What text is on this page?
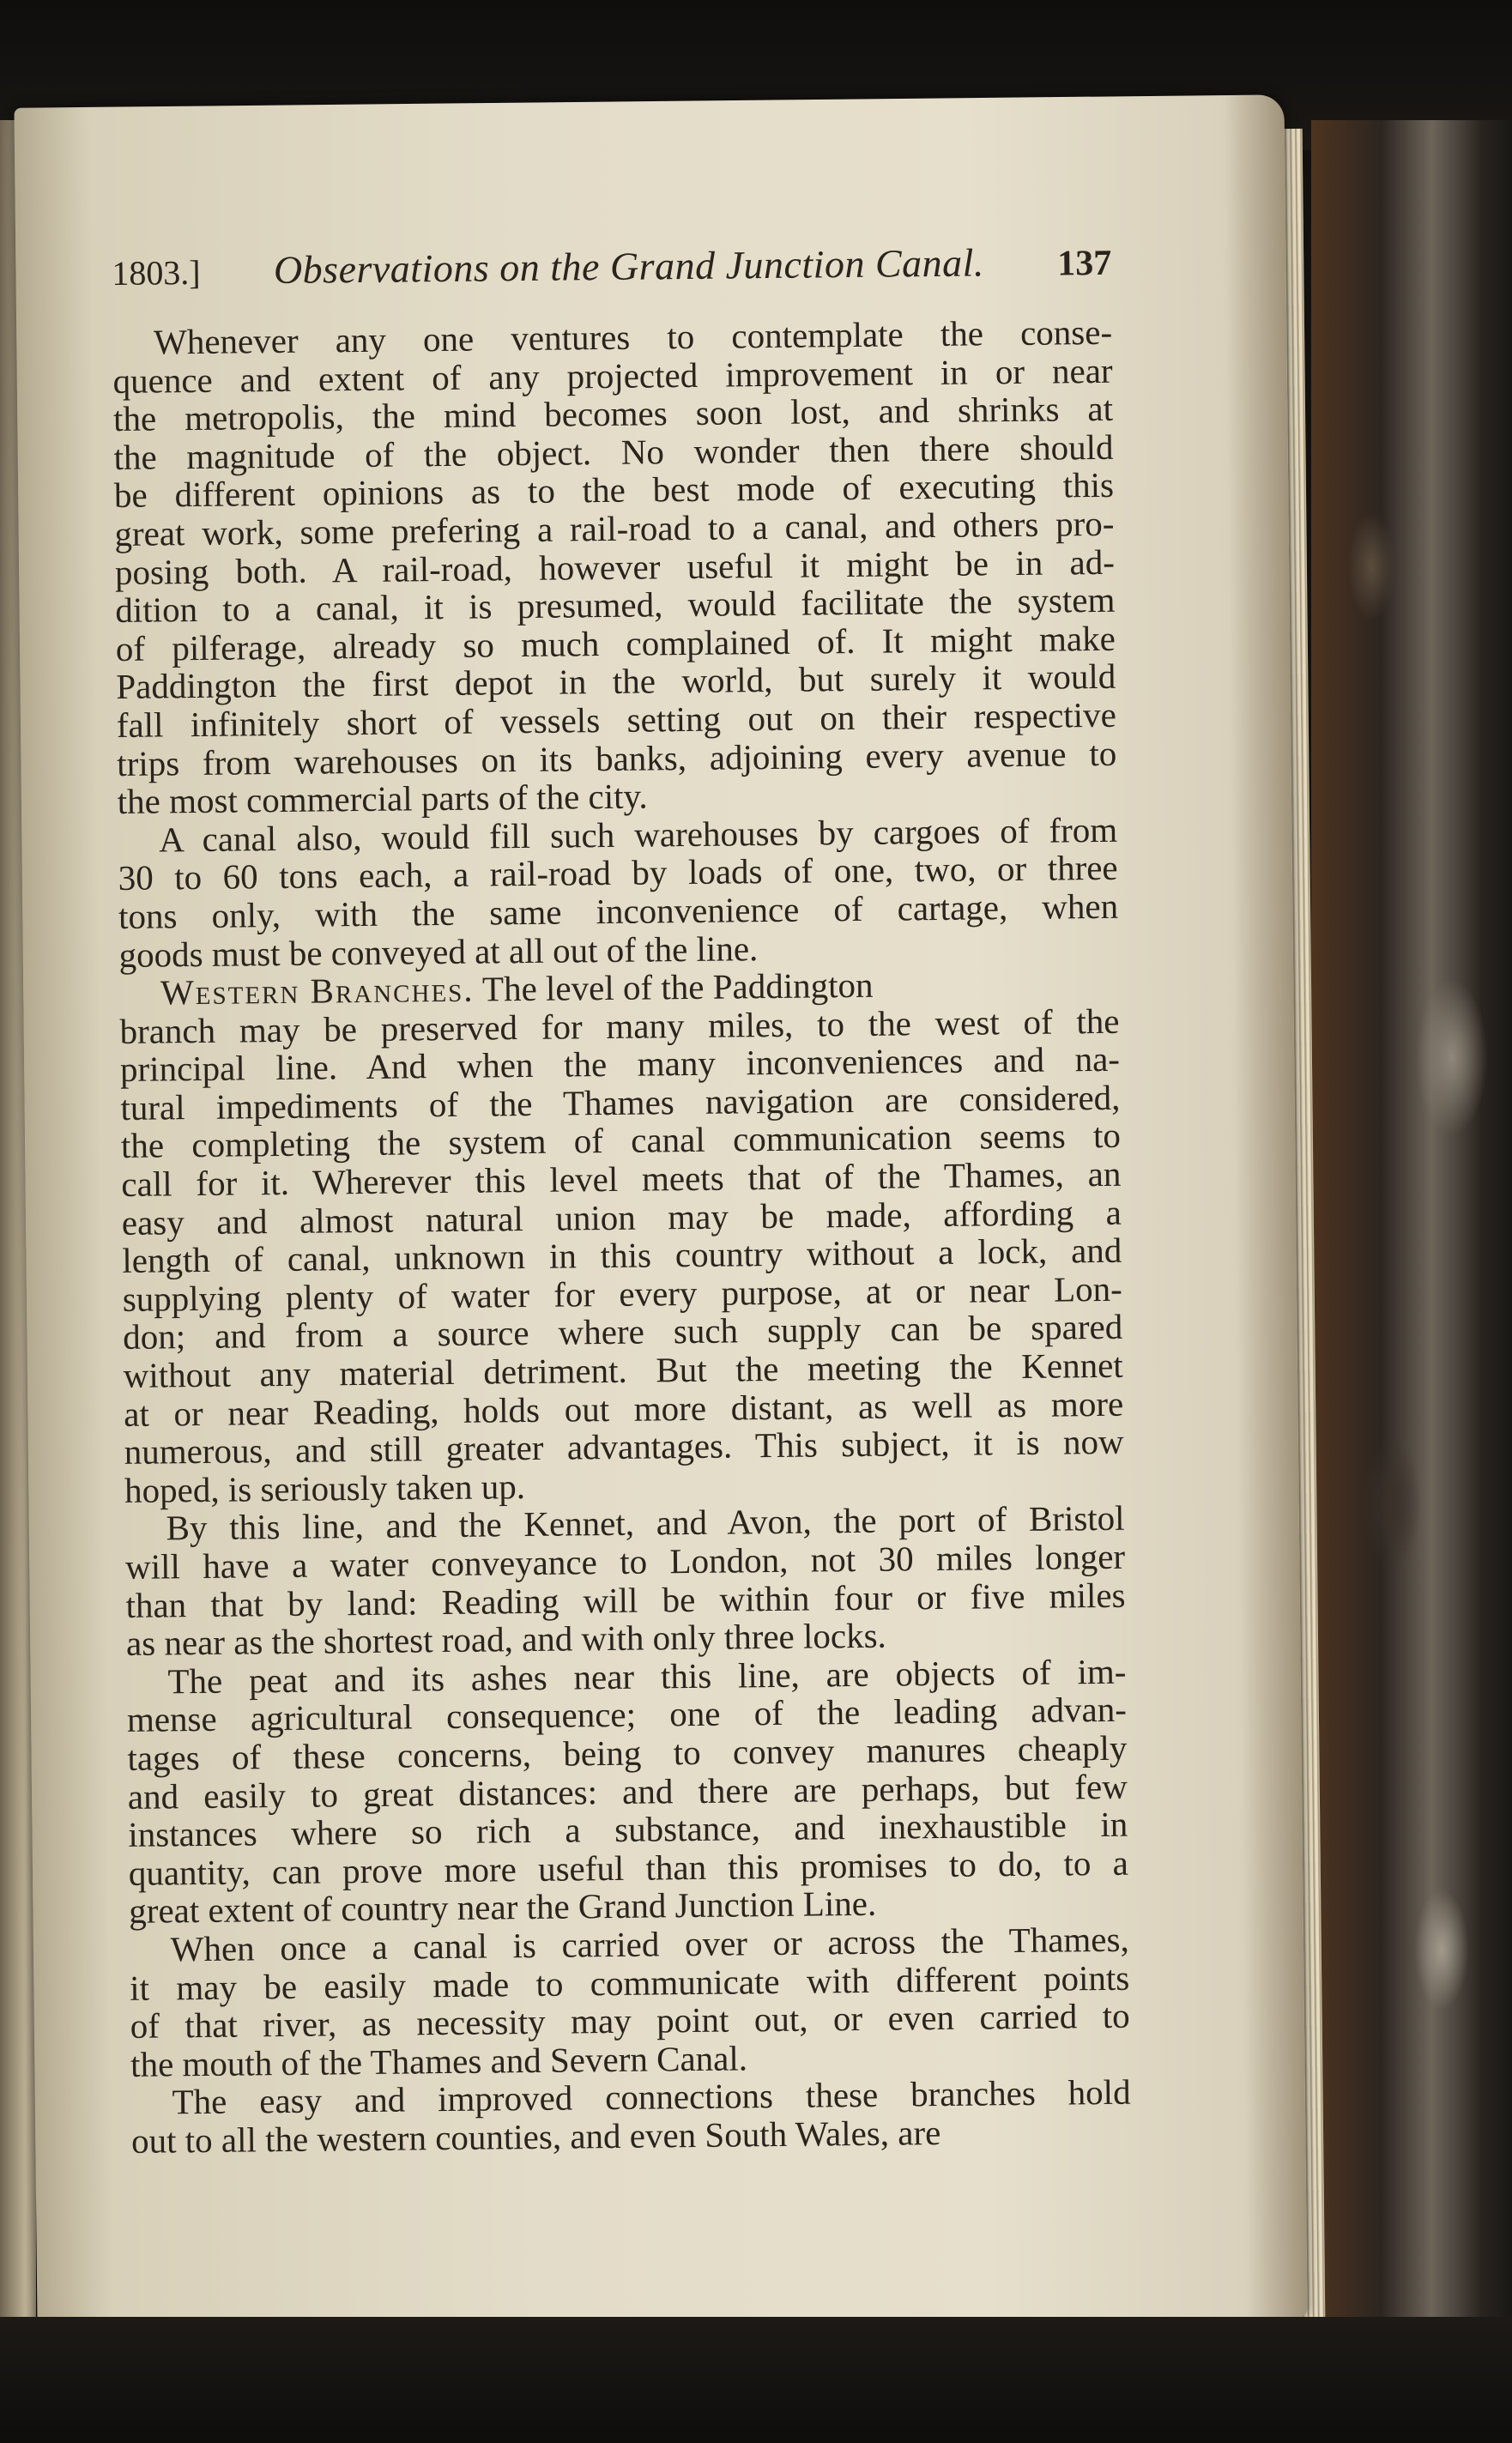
1803.] Observations on the Grand Junction Canal. 137
Whenever any one ventures to contemplate the conse-
quence and extent of any projected improvement in or near
the metropolis, the mind becomes soon lost, and shrinks at
the magnitude of the object. No wonder then there should
be different opinions as to the best mode of executing this
great work, some prefering a rail-road to a canal, and others pro-
posing both. A rail-road, however useful it might be in ad-
dition to a canal, it is presumed, would facilitate the system
of pilferage, already so much complained of. It might make
Paddington the first depot in the world, but surely it would
fall infinitely short of vessels setting out on their respective
trips from warehouses on its banks, adjoining every avenue to
the most commercial parts of the city.
A canal also, would fill such warehouses by cargoes of from
30 to 60 tons each, a rail-road by loads of one, two, or three
tons only, with the same inconvenience of cartage, when
goods must be conveyed at all out of the line.
Western Branches. The level of the Paddington
branch may be preserved for many miles, to the west of the
principal line. And when the many inconveniences and na-
tural impediments of the Thames navigation are considered,
the completing the system of canal communication seems to
call for it. Wherever this level meets that of the Thames, an
easy and almost natural union may be made, affording a
length of canal, unknown in this country without a lock, and
supplying plenty of water for every purpose, at or near Lon-
don; and from a source where such supply can be spared
without any material detriment. But the meeting the Kennet
at or near Reading, holds out more distant, as well as more
numerous, and still greater advantages. This subject, it is now
hoped, is seriously taken up.
By this line, and the Kennet, and Avon, the port of Bristol
will have a water conveyance to London, not 30 miles longer
than that by land: Reading will be within four or five miles
as near as the shortest road, and with only three locks.
The peat and its ashes near this line, are objects of im-
mense agricultural consequence; one of the leading advan-
tages of these concerns, being to convey manures cheaply
and easily to great distances: and there are perhaps, but few
instances where so rich a substance, and inexhaustible in
quantity, can prove more useful than this promises to do, to a
great extent of country near the Grand Junction Line.
When once a canal is carried over or across the Thames,
it may be easily made to communicate with different points
of that river, as necessity may point out, or even carried to
the mouth of the Thames and Severn Canal.
The easy and improved connections these branches hold
out to all the western counties, and even South Wales, are
